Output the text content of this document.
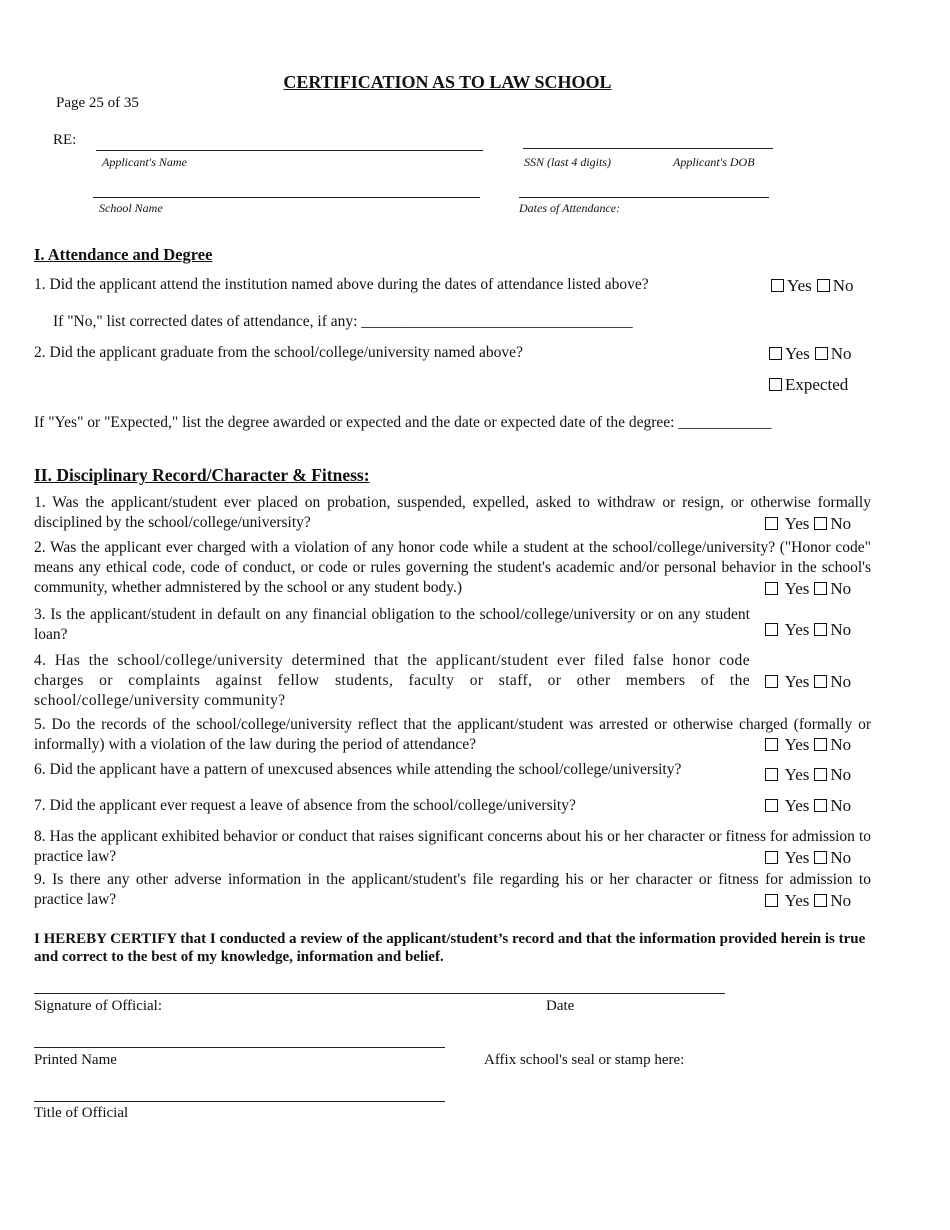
CERTIFICATION AS TO LAW SCHOOL
Page 25 of 35
RE:
Applicant's Name	SSN (last 4 digits)	Applicant's DOB
School Name	Dates of Attendance:
I. Attendance and Degree
1. Did the applicant attend the institution named above during the dates of attendance listed above?	Yes No
If "No," list corrected dates of attendance, if any: ___________________________________
2. Did the applicant graduate from the school/college/university named above?	Yes No
Expected
If "Yes" or "Expected," list the degree awarded or expected and the date or expected date of the degree: ____________
II. Disciplinary Record/Character & Fitness:
1. Was the applicant/student ever placed on probation, suspended, expelled, asked to withdraw or resign, or otherwise formally disciplined by the school/college/university?	Yes No
2. Was the applicant ever charged with a violation of any honor code while a student at the school/college/university? ("Honor code" means any ethical code, code of conduct, or code or rules governing the student's academic and/or personal behavior in the school's community, whether admnistered by the school or any student body.)	Yes No
3. Is the applicant/student in default on any financial obligation to the school/college/university or on any student loan?	Yes No
4. Has the school/college/university determined that the applicant/student ever filed false honor code charges or complaints against fellow students, faculty or staff, or other members of the school/college/university community?
Yes No
5. Do the records of the school/college/university reflect that the applicant/student was arrested or otherwise charged (formally or informally) with a violation of the law during the period of attendance?	Yes No
6. Did the applicant have a pattern of unexcused absences while attending the school/college/university?	Yes No
7. Did the applicant ever request a leave of absence from the school/college/university?	Yes No
8. Has the applicant exhibited behavior or conduct that raises significant concerns about his or her character or fitness for admission to practice law?	Yes No
9. Is there any other adverse information in the applicant/student's file regarding his or her character or fitness for admission to practice law?	Yes No
I HEREBY CERTIFY that I conducted a review of the applicant/student’s record and that the information provided herein is true and correct to the best of my knowledge, information and belief.
Signature of Official:	Date
Printed Name	Affix school's seal or stamp here:
Title of Official
